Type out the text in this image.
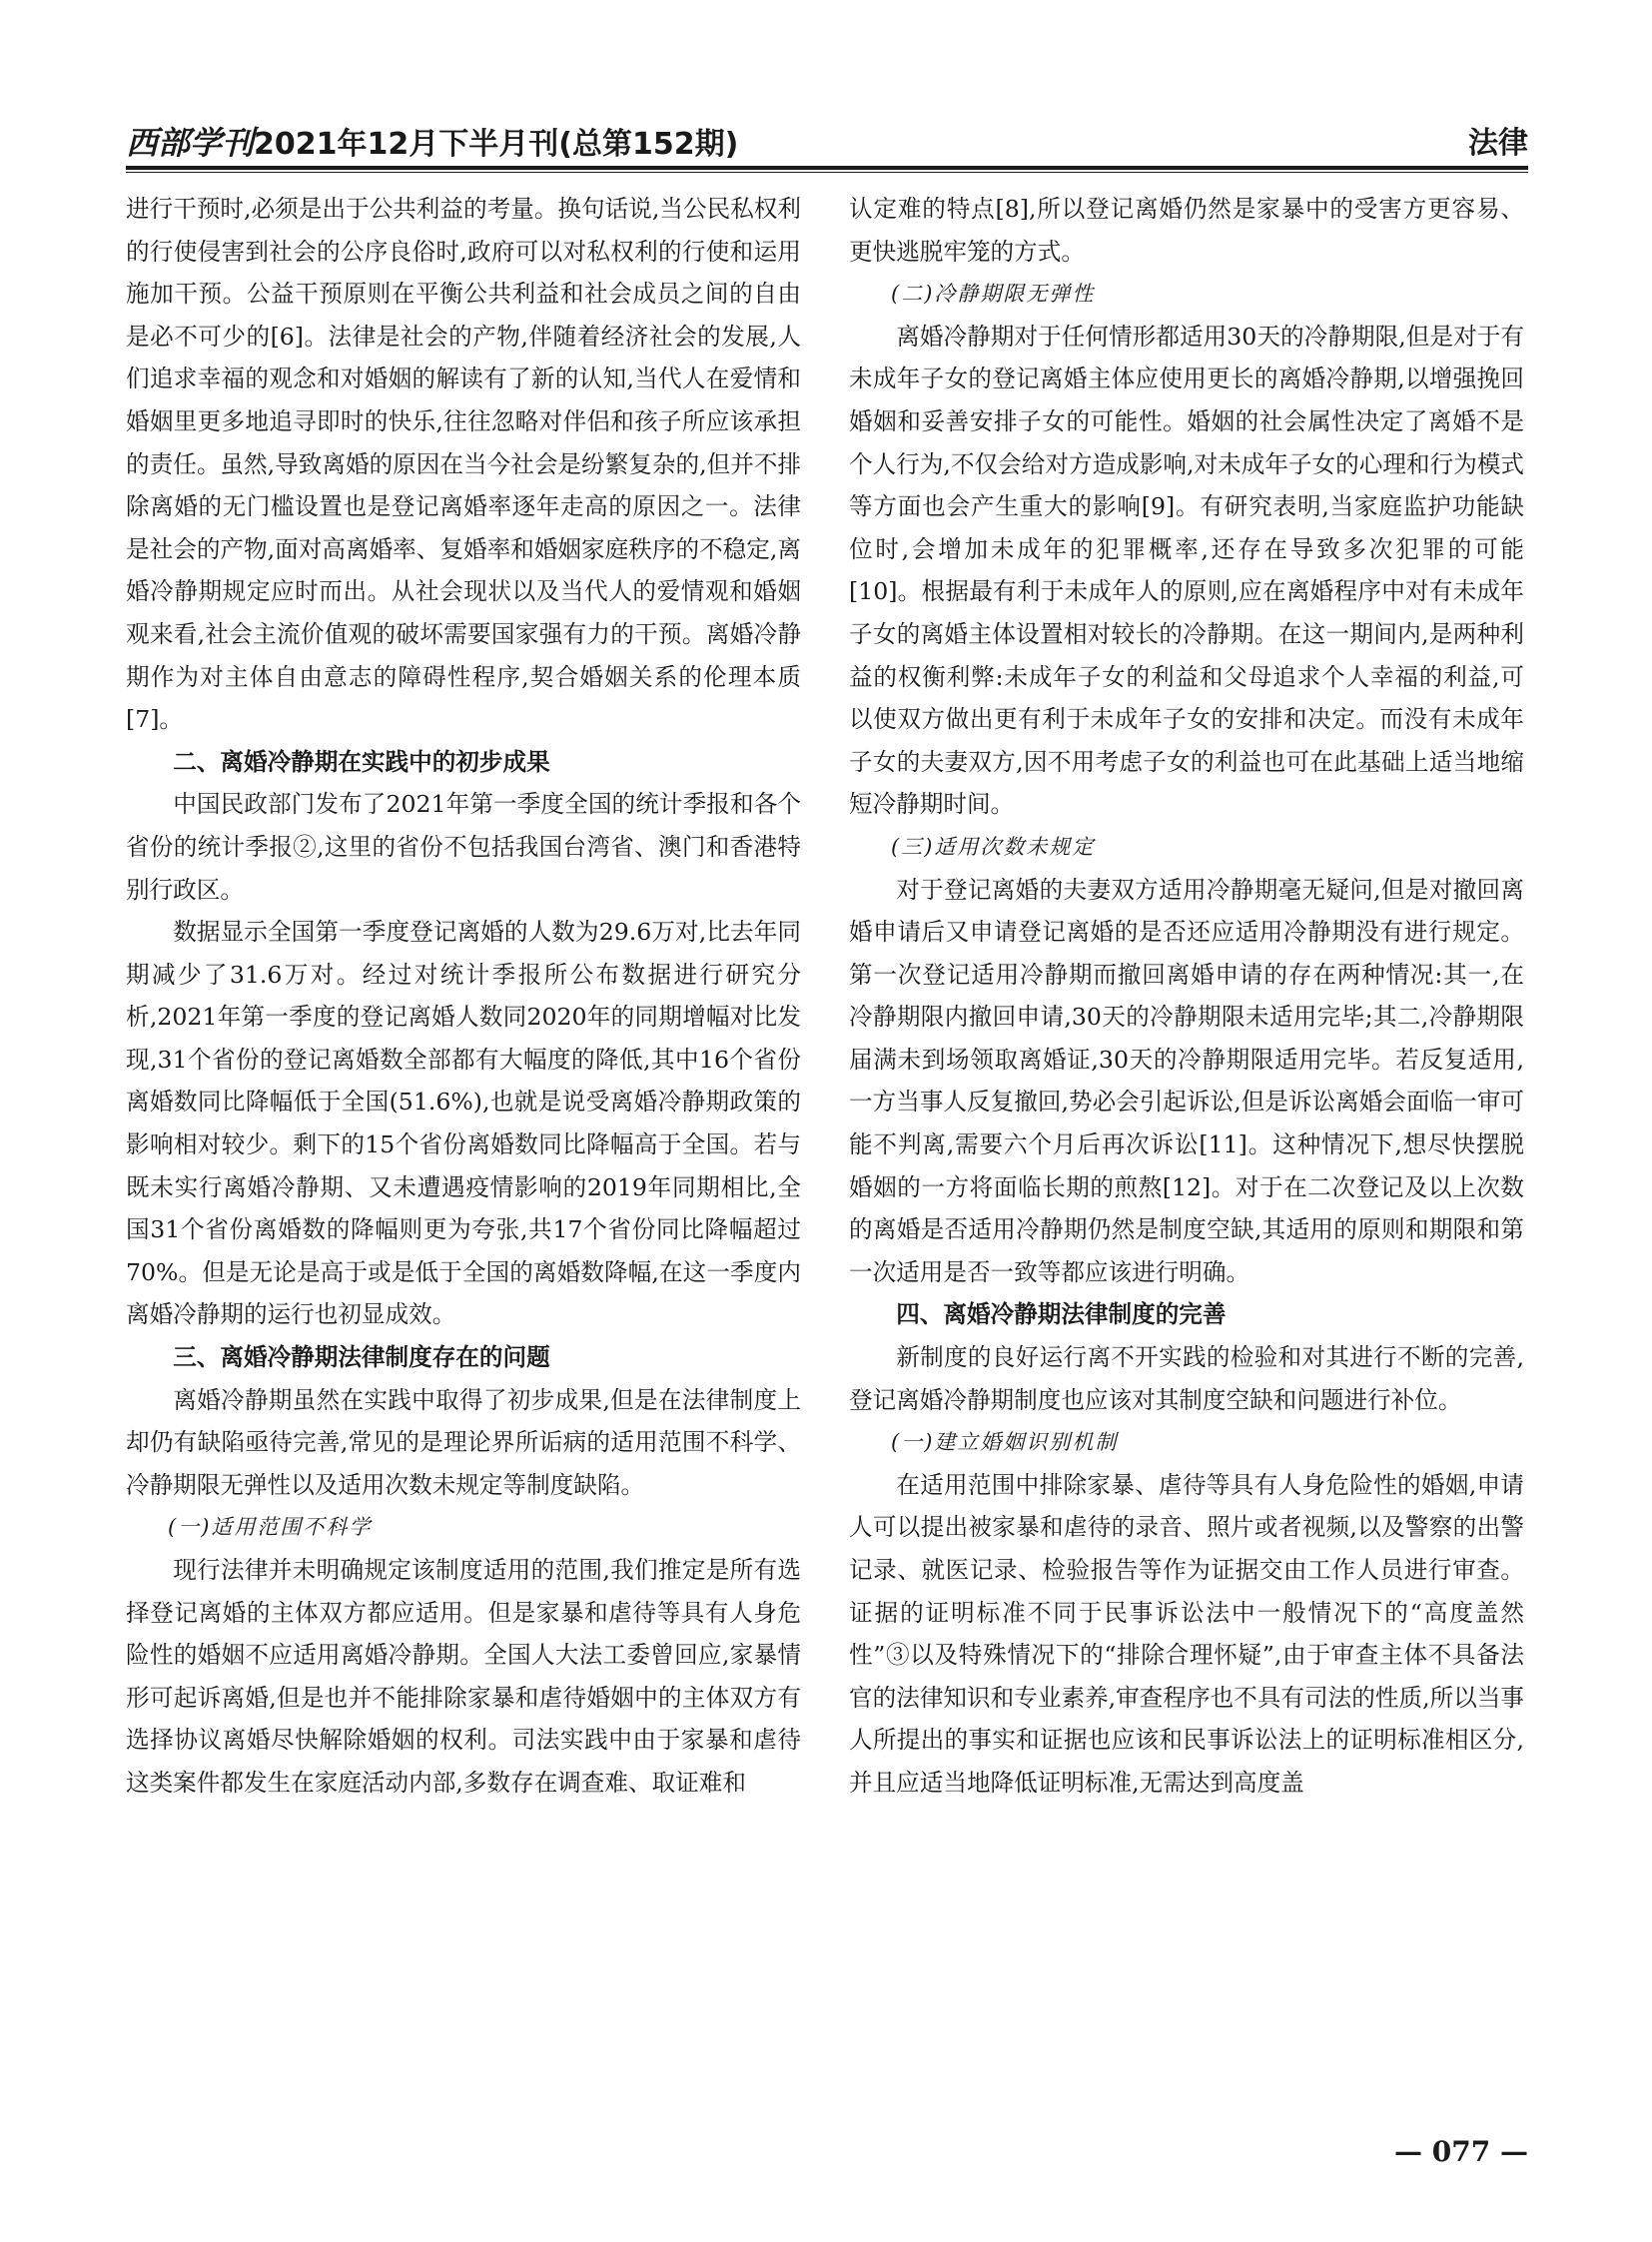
西部学刊2021年12月下半月刊(总第152期)	法律

进行干预时,必须是出于公共利益的考量。换句话说,当公民私权利的行使侵害到社会的公序良俗时,政府可以对私权利的行使和运用施加干预。公益干预原则在平衡公共利益和社会成员之间的自由是必不可少的[6]。法律是社会的产物,伴随着经济社会的发展,人们追求幸福的观念和对婚姻的解读有了新的认知,当代人在爱情和婚姻里更多地追寻即时的快乐,往往忽略对伴侣和孩子所应该承担的责任。虽然,导致离婚的原因在当今社会是纷繁复杂的,但并不排除离婚的无门槛设置也是登记离婚率逐年走高的原因之一。法律是社会的产物,面对高离婚率、复婚率和婚姻家庭秩序的不稳定,离婚冷静期规定应时而出。从社会现状以及当代人的爱情观和婚姻观来看,社会主流价值观的破坏需要国家强有力的干预。离婚冷静期作为对主体自由意志的障碍性程序,契合婚姻关系的伦理本质[7]。

二、离婚冷静期在实践中的初步成果

中国民政部门发布了2021年第一季度全国的统计季报和各个省份的统计季报②,这里的省份不包括我国台湾省、澳门和香港特别行政区。

数据显示全国第一季度登记离婚的人数为29.6万对,比去年同期减少了31.6万对。经过对统计季报所公布数据进行研究分析,2021年第一季度的登记离婚人数同2020年的同期增幅对比发现,31个省份的登记离婚数全部都有大幅度的降低,其中16个省份离婚数同比降幅低于全国(51.6%),也就是说受离婚冷静期政策的影响相对较少。剩下的15个省份离婚数同比降幅高于全国。若与既未实行离婚冷静期、又未遭遇疫情影响的2019年同期相比,全国31个省份离婚数的降幅则更为夸张,共17个省份同比降幅超过70%。但是无论是高于或是低于全国的离婚数降幅,在这一季度内离婚冷静期的运行也初显成效。

三、离婚冷静期法律制度存在的问题

离婚冷静期虽然在实践中取得了初步成果,但是在法律制度上却仍有缺陷亟待完善,常见的是理论界所诟病的适用范围不科学、冷静期限无弹性以及适用次数未规定等制度缺陷。

(一)适用范围不科学

现行法律并未明确规定该制度适用的范围,我们推定是所有选择登记离婚的主体双方都应适用。但是家暴和虐待等具有人身危险性的婚姻不应适用离婚冷静期。全国人大法工委曾回应,家暴情形可起诉离婚,但是也并不能排除家暴和虐待婚姻中的主体双方有选择协议离婚尽快解除婚姻的权利。司法实践中由于家暴和虐待这类案件都发生在家庭活动内部,多数存在调查难、取证难和

认定难的特点[8],所以登记离婚仍然是家暴中的受害方更容易、更快逃脱牢笼的方式。

(二)冷静期限无弹性

离婚冷静期对于任何情形都适用30天的冷静期限,但是对于有未成年子女的登记离婚主体应使用更长的离婚冷静期,以增强挽回婚姻和妥善安排子女的可能性。婚姻的社会属性决定了离婚不是个人行为,不仅会给对方造成影响,对未成年子女的心理和行为模式等方面也会产生重大的影响[9]。有研究表明,当家庭监护功能缺位时,会增加未成年的犯罪概率,还存在导致多次犯罪的可能[10]。根据最有利于未成年人的原则,应在离婚程序中对有未成年子女的离婚主体设置相对较长的冷静期。在这一期间内,是两种利益的权衡利弊:未成年子女的利益和父母追求个人幸福的利益,可以使双方做出更有利于未成年子女的安排和决定。而没有未成年子女的夫妻双方,因不用考虑子女的利益也可在此基础上适当地缩短冷静期时间。

(三)适用次数未规定

对于登记离婚的夫妻双方适用冷静期毫无疑问,但是对撤回离婚申请后又申请登记离婚的是否还应适用冷静期没有进行规定。第一次登记适用冷静期而撤回离婚申请的存在两种情况:其一,在冷静期限内撤回申请,30天的冷静期限未适用完毕;其二,冷静期限届满未到场领取离婚证,30天的冷静期限适用完毕。若反复适用,一方当事人反复撤回,势必会引起诉讼,但是诉讼离婚会面临一审可能不判离,需要六个月后再次诉讼[11]。这种情况下,想尽快摆脱婚姻的一方将面临长期的煎熬[12]。对于在二次登记及以上次数的离婚是否适用冷静期仍然是制度空缺,其适用的原则和期限和第一次适用是否一致等都应该进行明确。

四、离婚冷静期法律制度的完善

新制度的良好运行离不开实践的检验和对其进行不断的完善,登记离婚冷静期制度也应该对其制度空缺和问题进行补位。

(一)建立婚姻识别机制

在适用范围中排除家暴、虐待等具有人身危险性的婚姻,申请人可以提出被家暴和虐待的录音、照片或者视频,以及警察的出警记录、就医记录、检验报告等作为证据交由工作人员进行审查。证据的证明标准不同于民事诉讼法中一般情况下的“高度盖然性”③以及特殊情况下的“排除合理怀疑”,由于审查主体不具备法官的法律知识和专业素养,审查程序也不具有司法的性质,所以当事人所提出的事实和证据也应该和民事诉讼法上的证明标准相区分,并且应适当地降低证明标准,无需达到高度盖

— 077 —
